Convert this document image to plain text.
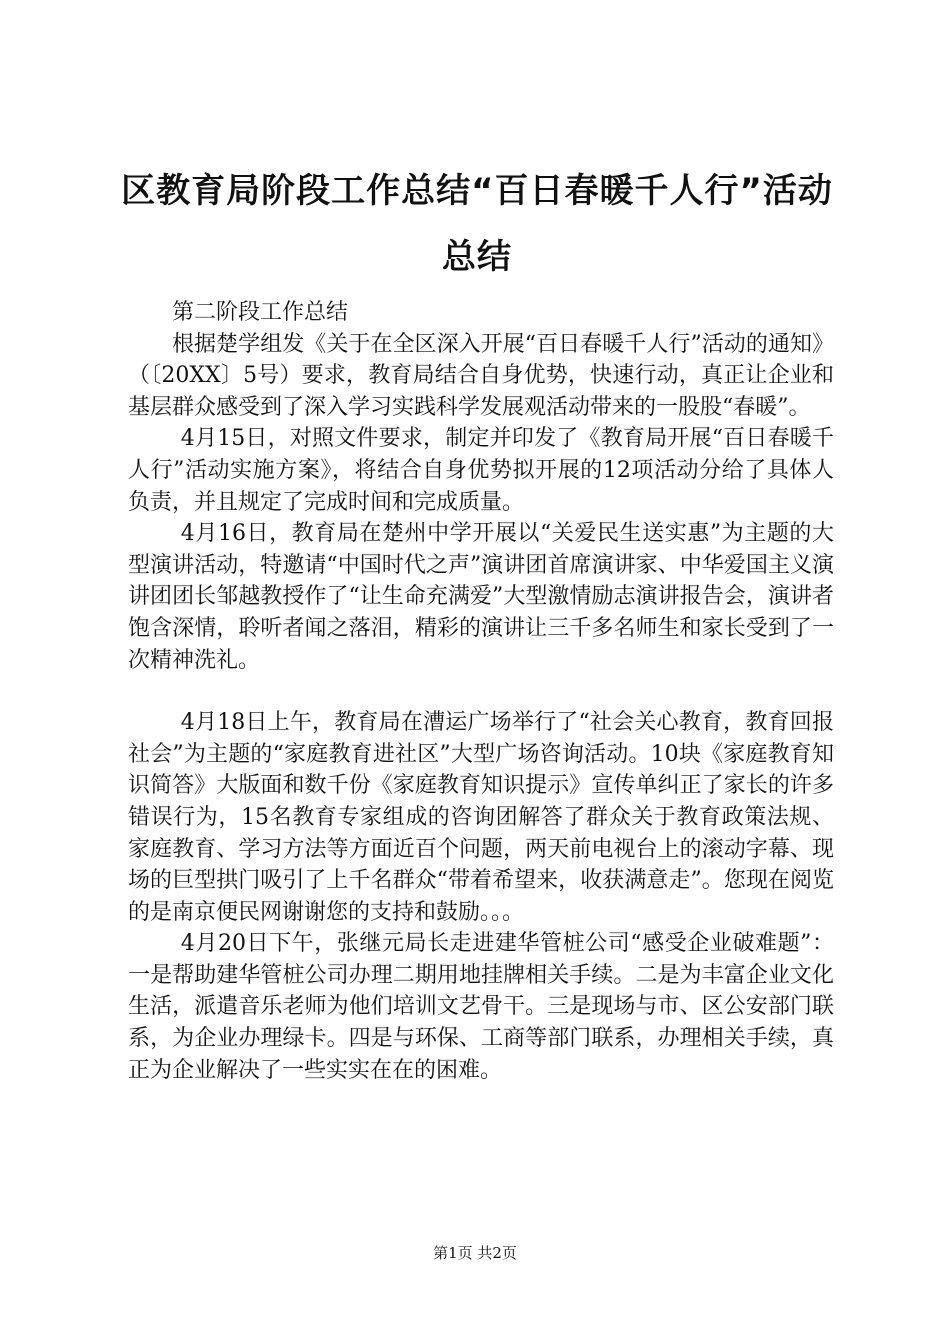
区教育局阶段工作总结“百日春暖千人行”活动总结

第二阶段工作总结

根据楚学组发《关于在全区深入开展“百日春暖千人行”活动的通知》（〔20XX〕5号）要求，教育局结合自身优势，快速行动，真正让企业和基层群众感受到了深入学习实践科学发展观活动带来的一股股“春暖”。

4月15日，对照文件要求，制定并印发了《教育局开展“百日春暖千人行”活动实施方案》，将结合自身优势拟开展的12项活动分给了具体人负责，并且规定了完成时间和完成质量。

4月16日，教育局在楚州中学开展以“关爱民生送实惠”为主题的大型演讲活动，特邀请“中国时代之声”演讲团首席演讲家、中华爱国主义演讲团团长邹越教授作了“让生命充满爱”大型激情励志演讲报告会，演讲者饱含深情，聆听者闻之落泪，精彩的演讲让三千多名师生和家长受到了一次精神洗礼。

4月18日上午，教育局在漕运广场举行了“社会关心教育，教育回报社会”为主题的“家庭教育进社区”大型广场咨询活动。10块《家庭教育知识简答》大版面和数千份《家庭教育知识提示》宣传单纠正了家长的许多错误行为，15名教育专家组成的咨询团解答了群众关于教育政策法规、家庭教育、学习方法等方面近百个问题，两天前电视台上的滚动字幕、现场的巨型拱门吸引了上千名群众“带着希望来，收获满意走”。您现在阅览的是南京便民网谢谢您的支持和鼓励。。。

4月20日下午，张继元局长走进建华管桩公司“感受企业破难题”：一是帮助建华管桩公司办理二期用地挂牌相关手续。二是为丰富企业文化生活，派遣音乐老师为他们培训文艺骨干。三是现场与市、区公安部门联系，为企业办理绿卡。四是与环保、工商等部门联系，办理相关手续，真正为企业解决了一些实实在在的困难。

第1页 共2页
